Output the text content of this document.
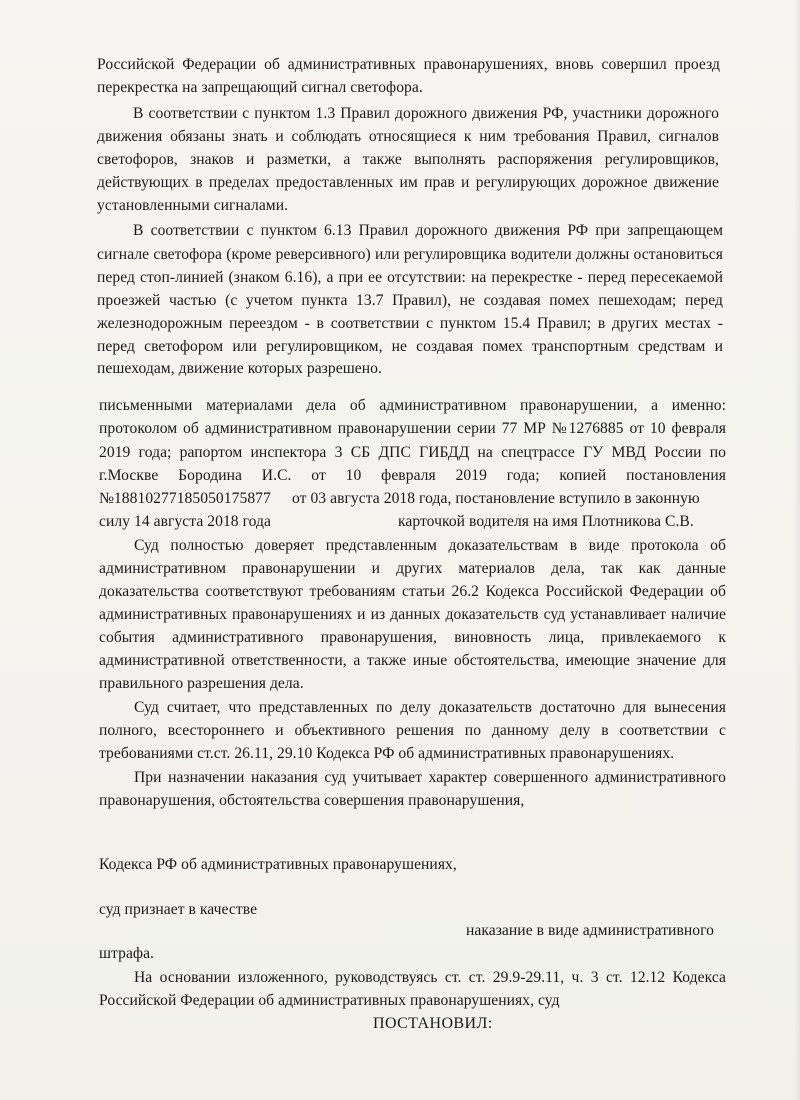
Российской Федерации об административных правонарушениях, вновь совершил проезд
перекрестка на запрещающий сигнал светофора.
В соответствии с пунктом 1.3 Правил дорожного движения РФ, участники дорожного
движения обязаны знать и соблюдать относящиеся к ним требования Правил, сигналов
светофоров, знаков и разметки, а также выполнять распоряжения регулировщиков,
действующих в пределах предоставленных им прав и регулирующих дорожное движение
установленными сигналами.
В соответствии с пунктом 6.13 Правил дорожного движения РФ при запрещающем
сигнале светофора (кроме реверсивного) или регулировщика водители должны остановиться
перед стоп-линией (знаком 6.16), а при ее отсутствии: на перекрестке - перед пересекаемой
проезжей частью (с учетом пункта 13.7 Правил), не создавая помех пешеходам; перед
железнодорожным переездом - в соответствии с пунктом 15.4 Правил; в других местах -
перед светофором или регулировщиком, не создавая помех транспортным средствам и
пешеходам, движение которых разрешено.
письменными материалами дела об административном правонарушении, а именно:
протоколом об административном правонарушении серии 77 МР №1276885 от 10 февраля
2019 года; рапортом инспектора 3 СБ ДПС ГИБДД на спецтрассе ГУ МВД России по
г.Москве Бородина И.С. от 10 февраля 2019 года; копией постановления
№18810277185050175877 от 03 августа 2018 года, постановление вступило в законную
силу 14 августа 2018 года	карточкой водителя на имя Плотникова С.В.
Суд полностью доверяет представленным доказательствам в виде протокола об
административном правонарушении и других материалов дела, так как данные
доказательства соответствуют требованиям статьи 26.2 Кодекса Российской Федерации об
административных правонарушениях и из данных доказательств суд устанавливает наличие
события административного правонарушения, виновность лица, привлекаемого к
административной ответственности, а также иные обстоятельства, имеющие значение для
правильного разрешения дела.
Суд считает, что представленных по делу доказательств достаточно для вынесения
полного, всестороннего и объективного решения по данному делу в соответствии с
требованиями ст.ст. 26.11, 29.10 Кодекса РФ об административных правонарушениях.
При назначении наказания суд учитывает характер совершенного административного
правонарушения, обстоятельства совершения правонарушения,
Кодекса РФ об административных правонарушениях,
суд признает в качестве
наказание в виде административного
штрафа.
На основании изложенного, руководствуясь ст. ст. 29.9-29.11, ч. 3 ст. 12.12 Кодекса
Российской Федерации об административных правонарушениях, суд
ПОСТАНОВИЛ:
